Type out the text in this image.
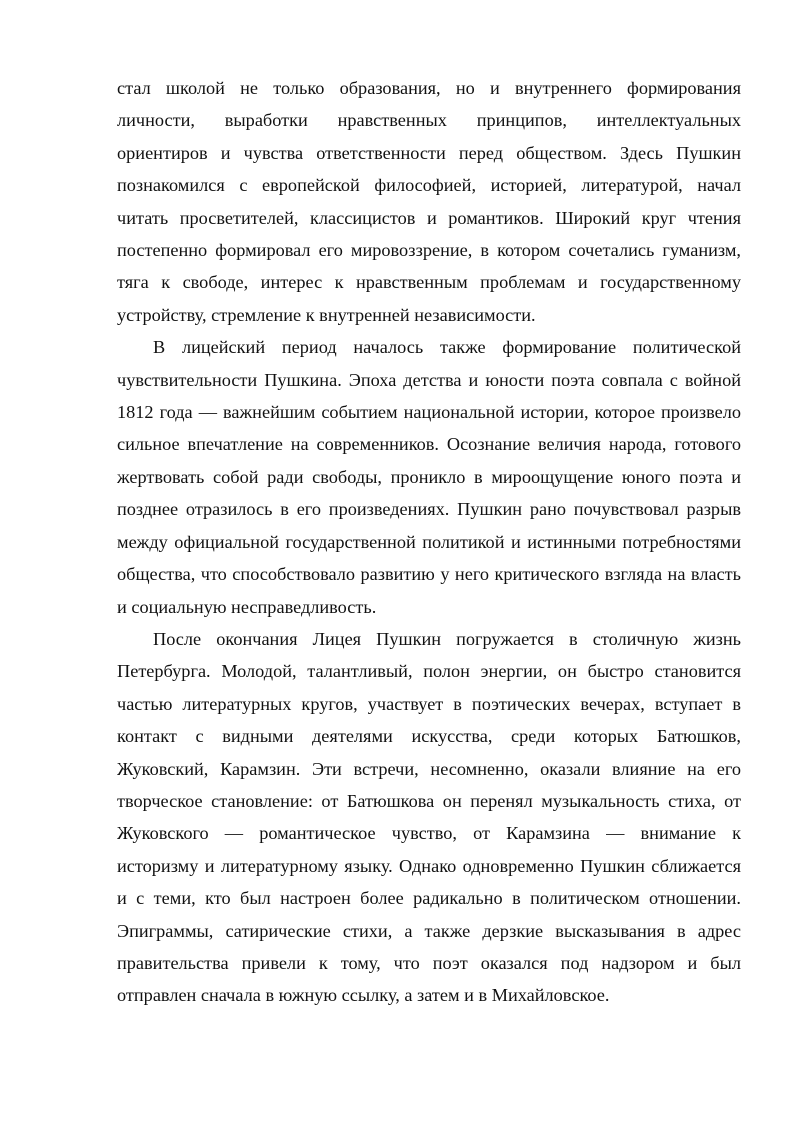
стал школой не только образования, но и внутреннего формирования
личности, выработки нравственных принципов, интеллектуальных
ориентиров и чувства ответственности перед обществом. Здесь Пушкин
познакомился с европейской философией, историей, литературой, начал
читать просветителей, классицистов и романтиков. Широкий круг чтения
постепенно формировал его мировоззрение, в котором сочетались гуманизм,
тяга к свободе, интерес к нравственным проблемам и государственному
устройству, стремление к внутренней независимости.
В лицейский период началось также формирование политической
чувствительности Пушкина. Эпоха детства и юности поэта совпала с войной
1812 года — важнейшим событием национальной истории, которое произвело
сильное впечатление на современников. Осознание величия народа, готового
жертвовать собой ради свободы, проникло в мироощущение юного поэта и
позднее отразилось в его произведениях. Пушкин рано почувствовал разрыв
между официальной государственной политикой и истинными потребностями
общества, что способствовало развитию у него критического взгляда на власть
и социальную несправедливость.
После окончания Лицея Пушкин погружается в столичную жизнь
Петербурга. Молодой, талантливый, полон энергии, он быстро становится
частью литературных кругов, участвует в поэтических вечерах, вступает в
контакт с видными деятелями искусства, среди которых Батюшков,
Жуковский, Карамзин. Эти встречи, несомненно, оказали влияние на его
творческое становление: от Батюшкова он перенял музыкальность стиха, от
Жуковского — романтическое чувство, от Карамзина — внимание к
историзму и литературному языку. Однако одновременно Пушкин сближается
и с теми, кто был настроен более радикально в политическом отношении.
Эпиграммы, сатирические стихи, а также дерзкие высказывания в адрес
правительства привели к тому, что поэт оказался под надзором и был
отправлен сначала в южную ссылку, а затем и в Михайловское.
